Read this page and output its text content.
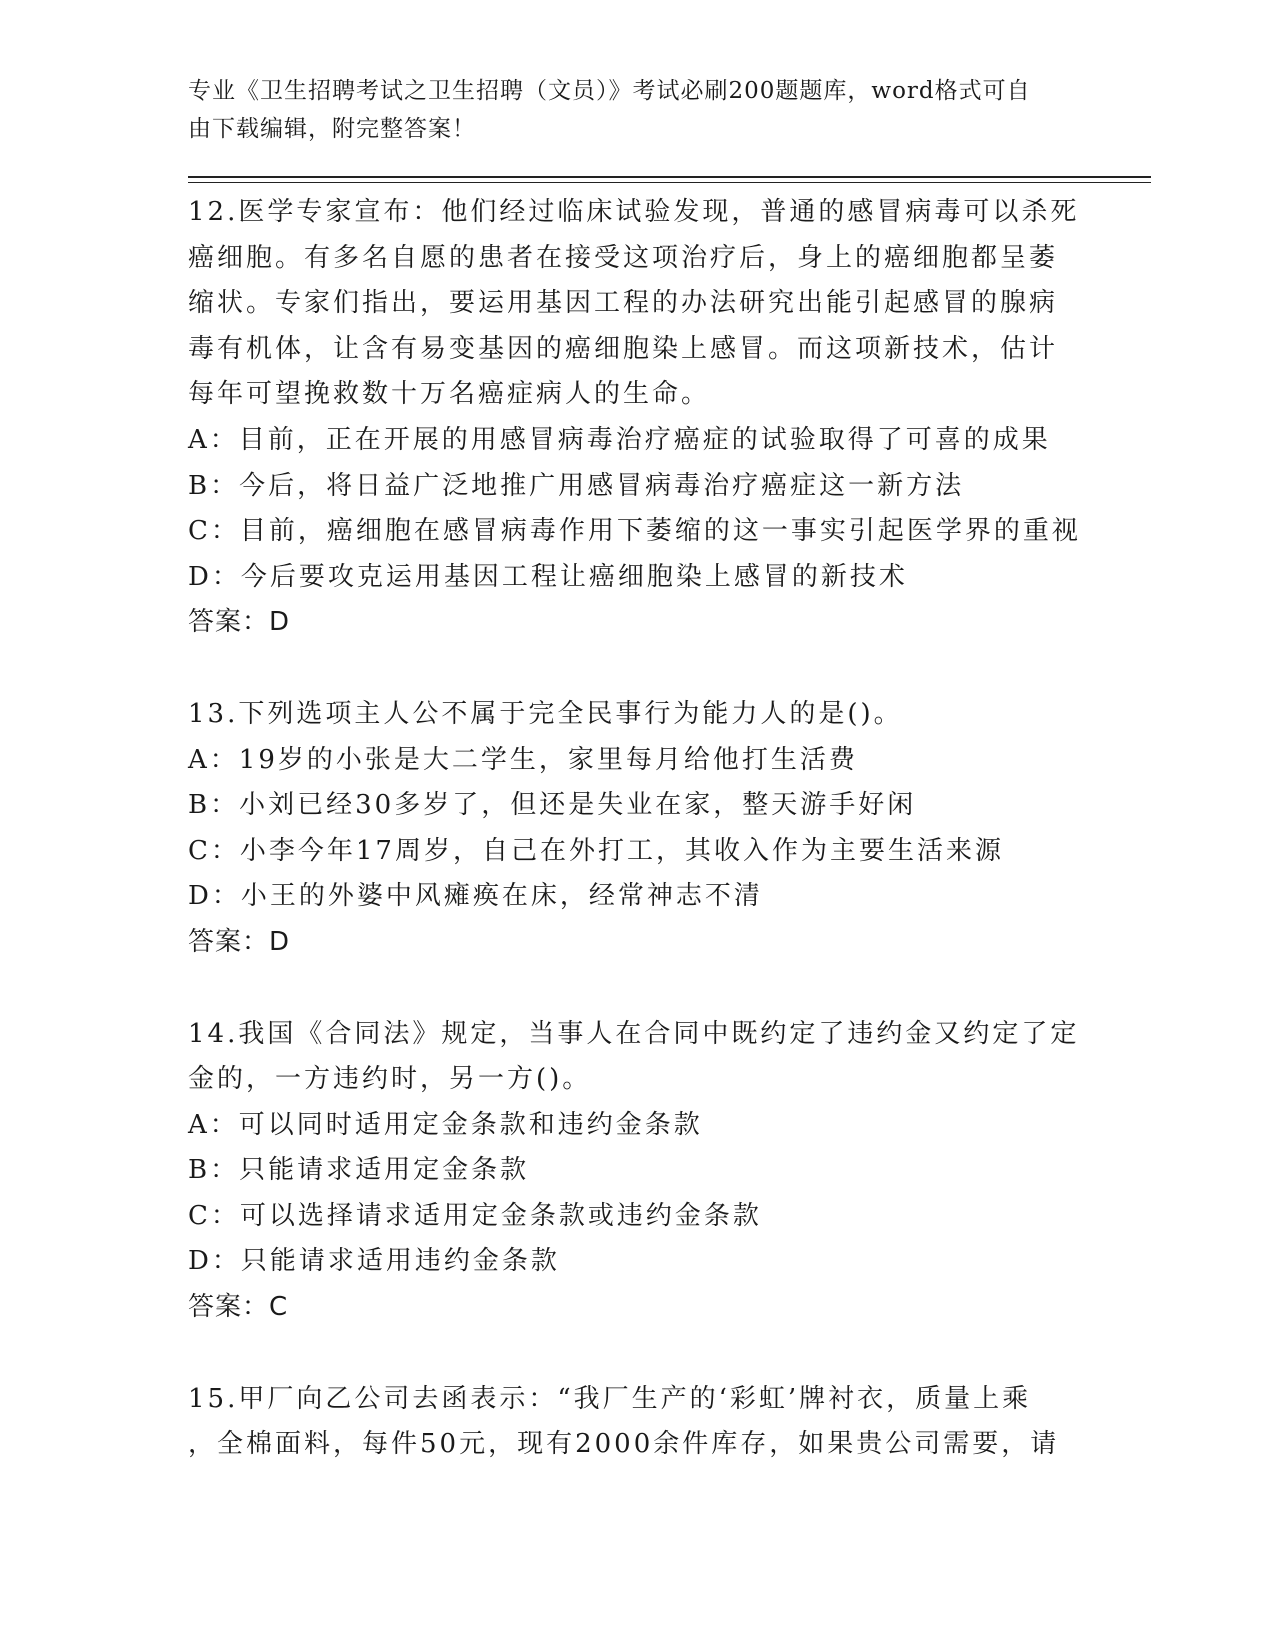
专业《卫生招聘考试之卫生招聘（文员）》考试必刷200题题库，word格式可自
由下载编辑，附完整答案！
12.医学专家宣布：他们经过临床试验发现，普通的感冒病毒可以杀死
癌细胞。有多名自愿的患者在接受这项治疗后，身上的癌细胞都呈萎
缩状。专家们指出，要运用基因工程的办法研究出能引起感冒的腺病
毒有机体，让含有易变基因的癌细胞染上感冒。而这项新技术，估计
每年可望挽救数十万名癌症病人的生命。
A：目前，正在开展的用感冒病毒治疗癌症的试验取得了可喜的成果
B：今后，将日益广泛地推广用感冒病毒治疗癌症这一新方法
C：目前，癌细胞在感冒病毒作用下萎缩的这一事实引起医学界的重视
D：今后要攻克运用基因工程让癌细胞染上感冒的新技术
答案：D
13.下列选项主人公不属于完全民事行为能力人的是()。
A：19岁的小张是大二学生，家里每月给他打生活费
B：小刘已经30多岁了，但还是失业在家，整天游手好闲
C：小李今年17周岁，自己在外打工，其收入作为主要生活来源
D：小王的外婆中风瘫痪在床，经常神志不清
答案：D
14.我国《合同法》规定，当事人在合同中既约定了违约金又约定了定
金的，一方违约时，另一方()。
A：可以同时适用定金条款和违约金条款
B：只能请求适用定金条款
C：可以选择请求适用定金条款或违约金条款
D：只能请求适用违约金条款
答案：C
15.甲厂向乙公司去函表示：“我厂生产的‘彩虹’牌衬衣，质量上乘
，全棉面料，每件50元，现有2000余件库存，如果贵公司需要，请
